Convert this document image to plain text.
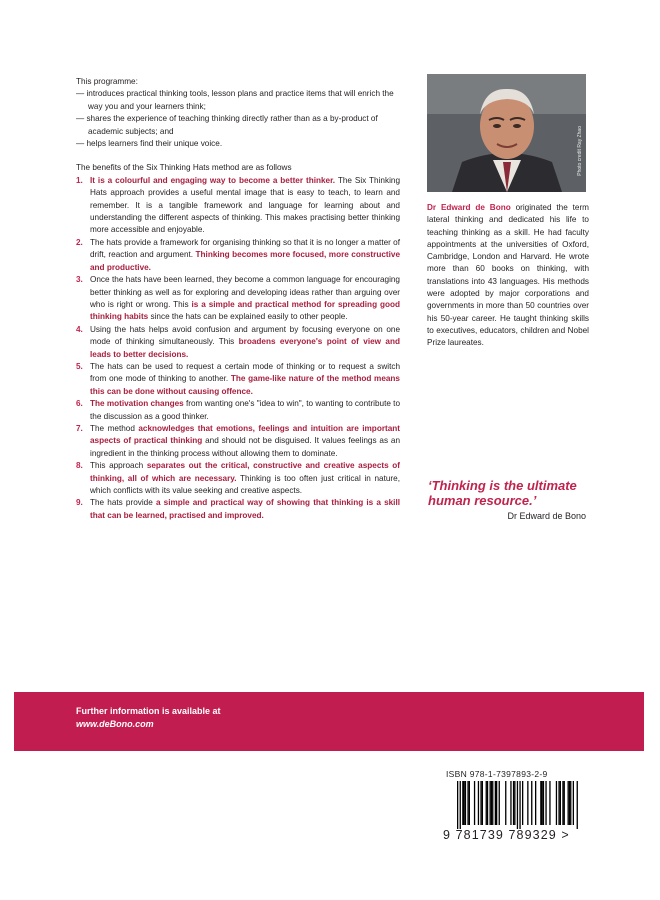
This programme:

— introduces practical thinking tools, lesson plans and practice items that will enrich the way you and your learners think;

— shares the experience of teaching thinking directly rather than as a by-product of academic subjects; and

— helps learners find their unique voice.

The benefits of the Six Thinking Hats method are as follows

1. It is a colourful and engaging way to become a better thinker. The Six Thinking Hats approach provides a useful mental image that is easy to teach, to learn and remember. It is a tangible framework and language for learning about and understanding the different aspects of thinking. This makes practising better thinking more accessible and enjoyable.

2. The hats provide a framework for organising thinking so that it is no longer a matter of drift, reaction and argument. Thinking becomes more focused, more constructive and productive.

3. Once the hats have been learned, they become a common language for encouraging better thinking as well as for exploring and developing ideas rather than arguing over who is right or wrong. This is a simple and practical method for spreading good thinking habits since the hats can be explained easily to other people.

4. Using the hats helps avoid confusion and argument by focusing everyone on one mode of thinking simultaneously. This broadens everyone's point of view and leads to better decisions.

5. The hats can be used to request a certain mode of thinking or to request a switch from one mode of thinking to another. The game-like nature of the method means this can be done without causing offence.

6. The motivation changes from wanting one's "idea to win", to wanting to contribute to the discussion as a good thinker.

7. The method acknowledges that emotions, feelings and intuition are important aspects of practical thinking and should not be disguised. It values feelings as an ingredient in the thinking process without allowing them to dominate.

8. This approach separates out the critical, constructive and creative aspects of thinking, all of which are necessary. Thinking is too often just critical in nature, which conflicts with its value seeking and creative aspects.

9. The hats provide a simple and practical way of showing that thinking is a skill that can be learned, practised and improved.

Photo credit Ray Zhao
Dr Edward de Bono originated the term lateral thinking and dedicated his life to teaching thinking as a skill. He had faculty appointments at the universities of Oxford, Cambridge, London and Harvard. He wrote more than 60 books on thinking, with translations into 43 languages. His methods were adopted by major corporations and governments in more than 50 countries over his 50-year career. He taught thinking skills to executives, educators, children and Nobel Prize laureates.
‘Thinking is the ultimate human resource.’
Dr Edward de Bono
Further information is available at
www.deBono.com
ISBN 978-1-7397893-2-9
9 781739 789329 >
